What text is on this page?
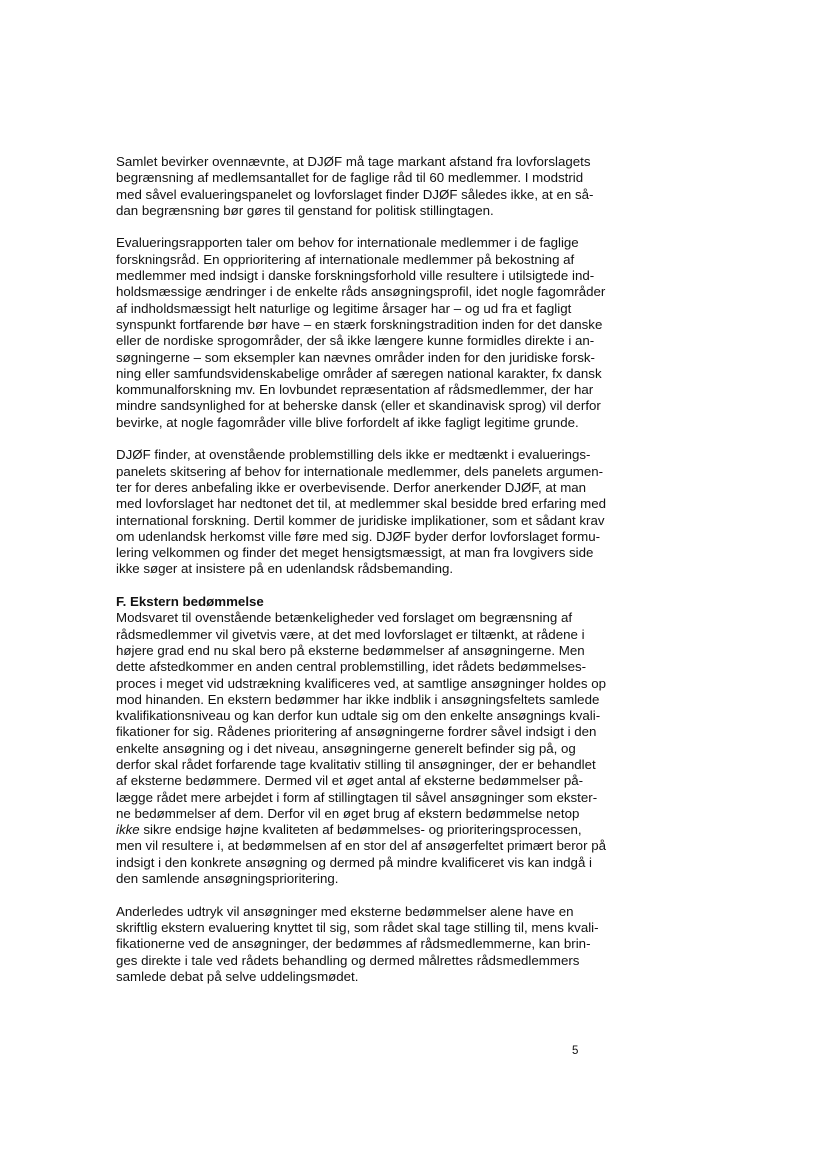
Samlet bevirker ovennævnte, at DJØF må tage markant afstand fra lovforslagets
begrænsning af medlemsantallet for de faglige råd til 60 medlemmer. I modstrid
med såvel evalueringspanelet og lovforslaget finder DJØF således ikke, at en så-
dan begrænsning bør gøres til genstand for politisk stillingtagen.
Evalueringsrapporten taler om behov for internationale medlemmer i de faglige
forskningsråd. En opprioritering af internationale medlemmer på bekostning af
medlemmer med indsigt i danske forskningsforhold ville resultere i utilsigtede ind-
holdsmæssige ændringer i de enkelte råds ansøgningsprofil, idet nogle fagområder
af indholdsmæssigt helt naturlige og legitime årsager har – og ud fra et fagligt
synspunkt fortfarende bør have – en stærk forskningstradition inden for det danske
eller de nordiske sprogområder, der så ikke længere kunne formidles direkte i an-
søgningerne – som eksempler kan nævnes områder inden for den juridiske forsk-
ning eller samfundsvidenskabelige områder af særegen national karakter, fx dansk
kommunalforskning mv. En lovbundet repræsentation af rådsmedlemmer, der har
mindre sandsynlighed for at beherske dansk (eller et skandinavisk sprog) vil derfor
bevirke, at nogle fagområder ville blive forfordelt af ikke fagligt legitime grunde.
DJØF finder, at ovenstående problemstilling dels ikke er medtænkt i evaluerings-
panelets skitsering af behov for internationale medlemmer, dels panelets argumen-
ter for deres anbefaling ikke er overbevisende. Derfor anerkender DJØF, at man
med lovforslaget har nedtonet det til, at medlemmer skal besidde bred erfaring med
international forskning. Dertil kommer de juridiske implikationer, som et sådant krav
om udenlandsk herkomst ville føre med sig. DJØF byder derfor lovforslaget formu-
lering velkommen og finder det meget hensigtsmæssigt, at man fra lovgivers side
ikke søger at insistere på en udenlandsk rådsbemanding.
F. Ekstern bedømmelse
Modsvaret til ovenstående betænkeligheder ved forslaget om begrænsning af
rådsmedlemmer vil givetvis være, at det med lovforslaget er tiltænkt, at rådene i
højere grad end nu skal bero på eksterne bedømmelser af ansøgningerne. Men
dette afstedkommer en anden central problemstilling, idet rådets bedømmelses-
proces i meget vid udstrækning kvalificeres ved, at samtlige ansøgninger holdes op
mod hinanden. En ekstern bedømmer har ikke indblik i ansøgningsfeltets samlede
kvalifikationsniveau og kan derfor kun udtale sig om den enkelte ansøgnings kvali-
fikationer for sig. Rådenes prioritering af ansøgningerne fordrer såvel indsigt i den
enkelte ansøgning og i det niveau, ansøgningerne generelt befinder sig på, og
derfor skal rådet forfarende tage kvalitativ stilling til ansøgninger, der er behandlet
af eksterne bedømmere. Dermed vil et øget antal af eksterne bedømmelser på-
lægge rådet mere arbejdet i form af stillingtagen til såvel ansøgninger som ekster-
ne bedømmelser af dem. Derfor vil en øget brug af ekstern bedømmelse netop
ikke sikre endsige højne kvaliteten af bedømmelses- og prioriteringsprocessen,
men vil resultere i, at bedømmelsen af en stor del af ansøgerfeltet primært beror på
indsigt i den konkrete ansøgning og dermed på mindre kvalificeret vis kan indgå i
den samlende ansøgningsprioritering.
Anderledes udtryk vil ansøgninger med eksterne bedømmelser alene have en
skriftlig ekstern evaluering knyttet til sig, som rådet skal tage stilling til, mens kvali-
fikationerne ved de ansøgninger, der bedømmes af rådsmedlemmerne, kan brin-
ges direkte i tale ved rådets behandling og dermed målrettes rådsmedlemmers
samlede debat på selve uddelingsmødet.
5
